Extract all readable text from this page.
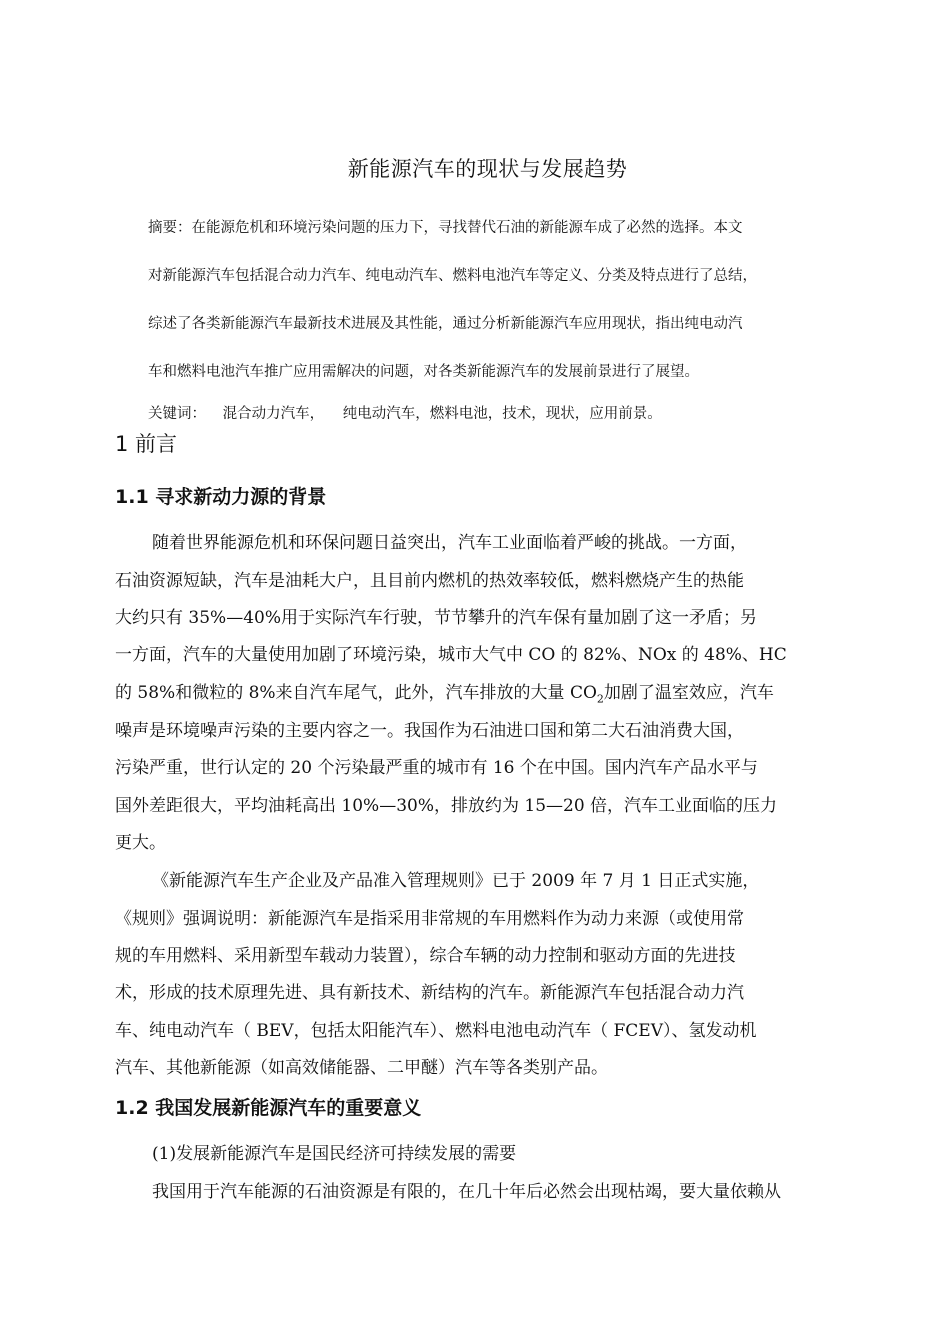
新能源汽车的现状与发展趋势
摘要：在能源危机和环境污染问题的压力下，寻找替代石油的新能源车成了必然的选择。本文
对新能源汽车包括混合动力汽车、纯电动汽车、燃料电池汽车等定义、分类及特点进行了总结，
综述了各类新能源汽车最新技术进展及其性能，通过分析新能源汽车应用现状，指出纯电动汽
车和燃料电池汽车推广应用需解决的问题，对各类新能源汽车的发展前景进行了展望。
关键词： 混合动力汽车， 纯电动汽车，燃料电池，技术，现状，应用前景。
1 前言
1.1 寻求新动力源的背景
随着世界能源危机和环保问题日益突出，汽车工业面临着严峻的挑战。一方面，
石油资源短缺，汽车是油耗大户，且目前内燃机的热效率较低，燃料燃烧产生的热能
大约只有 35%—40%用于实际汽车行驶，节节攀升的汽车保有量加剧了这一矛盾；另
一方面，汽车的大量使用加剧了环境污染，城市大气中 CO 的 82%、NOx 的 48%、HC
的 58%和微粒的 8%来自汽车尾气，此外，汽车排放的大量 $CO_2$加剧了温室效应，汽车
噪声是环境噪声污染的主要内容之一。我国作为石油进口国和第二大石油消费大国，
污染严重，世行认定的 20 个污染最严重的城市有 16 个在中国。国内汽车产品水平与
国外差距很大，平均油耗高出 10%—30%，排放约为 15—20 倍，汽车工业面临的压力
更大。
《新能源汽车生产企业及产品准入管理规则》已于 2009 年 7 月 1 日正式实施，
《规则》强调说明：新能源汽车是指采用非常规的车用燃料作为动力来源（或使用常
规的车用燃料、采用新型车载动力装置），综合车辆的动力控制和驱动方面的先进技
术，形成的技术原理先进、具有新技术、新结构的汽车。新能源汽车包括混合动力汽
车、纯电动汽车（ BEV，包括太阳能汽车）、燃料电池电动汽车（ FCEV）、氢发动机
汽车、其他新能源（如高效储能器、二甲醚）汽车等各类别产品。
1.2 我国发展新能源汽车的重要意义
(1)发展新能源汽车是国民经济可持续发展的需要
我国用于汽车能源的石油资源是有限的，在几十年后必然会出现枯竭，要大量依赖从
